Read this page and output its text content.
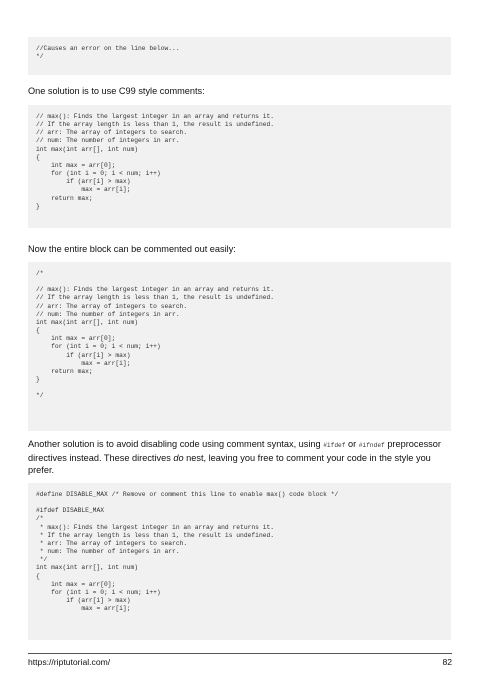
//Causes an error on the line below...
*/
One solution is to use C99 style comments:
// max(): Finds the largest integer in an array and returns it.
// If the array length is less than 1, the result is undefined.
// arr: The array of integers to search.
// num: The number of integers in arr.
int max(int arr[], int num)
{
int max = arr[0];
for (int i = 0; i < num; i++)
if (arr[i] > max)
max = arr[i];
return max;
}
Now the entire block can be commented out easily:
/*

// max(): Finds the largest integer in an array and returns it.
// If the array length is less than 1, the result is undefined.
// arr: The array of integers to search.
// num: The number of integers in arr.
int max(int arr[], int num)
{
int max = arr[0];
for (int i = 0; i < num; i++)
if (arr[i] > max)
max = arr[i];
return max;
}

*/
Another solution is to avoid disabling code using comment syntax, using #ifdef or #ifndef preprocessor directives instead. These directives do nest, leaving you free to comment your code in the style you prefer.
#define DISABLE_MAX /* Remove or comment this line to enable max() code block */

#ifdef DISABLE_MAX
/*
* max(): Finds the largest integer in an array and returns it.
* If the array length is less than 1, the result is undefined.
* arr: The array of integers to search.
* num: The number of integers in arr.
*/
int max(int arr[], int num)
{
int max = arr[0];
for (int i = 0; i < num; i++)
if (arr[i] > max)
max = arr[i];
https://riptutorial.com/	82
